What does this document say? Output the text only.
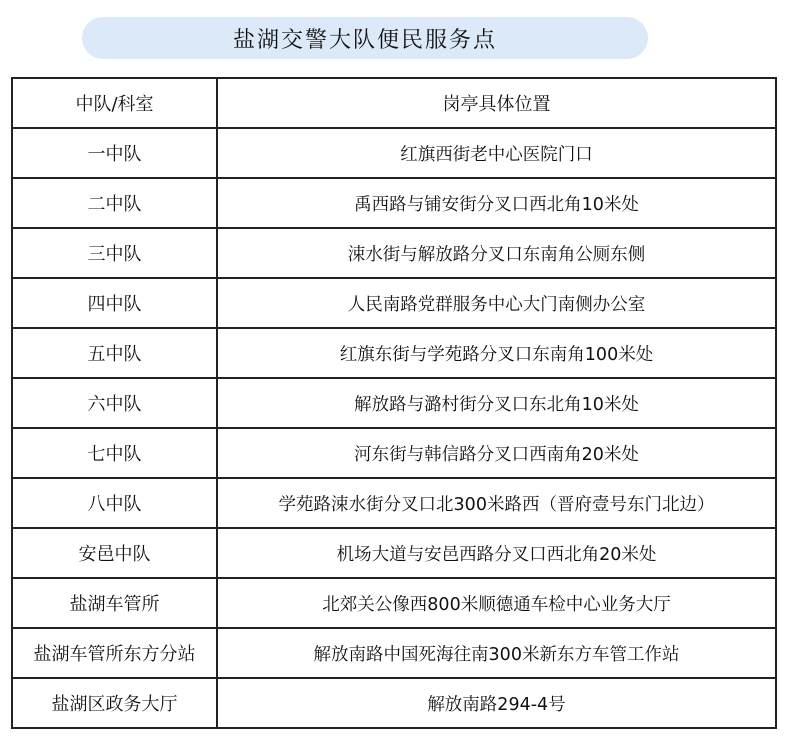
盐湖交警大队便民服务点
中队/科室	岗亭具体位置
一中队	红旗西街老中心医院门口
二中队	禹西路与铺安街分叉口西北角10米处
三中队	涑水街与解放路分叉口东南角公厕东侧
四中队	人民南路党群服务中心大门南侧办公室
五中队	红旗东街与学苑路分叉口东南角100米处
六中队	解放路与潞村街分叉口东北角10米处
七中队	河东街与韩信路分叉口西南角20米处
八中队	学苑路涑水街分叉口北300米路西（晋府壹号东门北边）
安邑中队	机场大道与安邑西路分叉口西北角20米处
盐湖车管所	北郊关公像西800米顺德通车检中心业务大厅
盐湖车管所东方分站	解放南路中国死海往南300米新东方车管工作站
盐湖区政务大厅	解放南路294-4号
